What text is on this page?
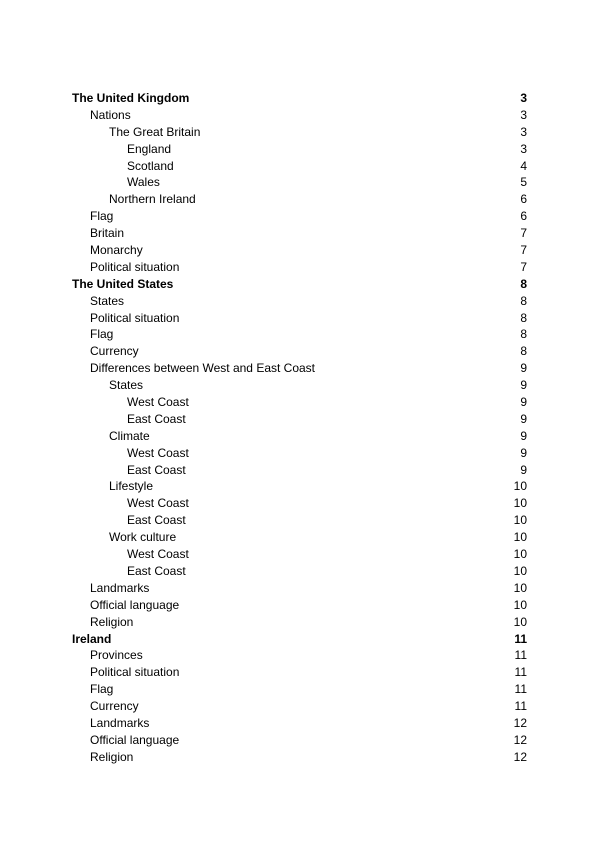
The United Kingdom	3
Nations	3
The Great Britain	3
England	3
Scotland	4
Wales	5
Northern Ireland	6
Flag	6
Britain	7
Monarchy	7
Political situation	7
The United States	8
States	8
Political situation	8
Flag	8
Currency	8
Differences between West and East Coast	9
States	9
West Coast	9
East Coast	9
Climate	9
West Coast	9
East Coast	9
Lifestyle	10
West Coast	10
East Coast	10
Work culture	10
West Coast	10
East Coast	10
Landmarks	10
Official language	10
Religion	10
Ireland	11
Provinces	11
Political situation	11
Flag	11
Currency	11
Landmarks	12
Official language	12
Religion	12
